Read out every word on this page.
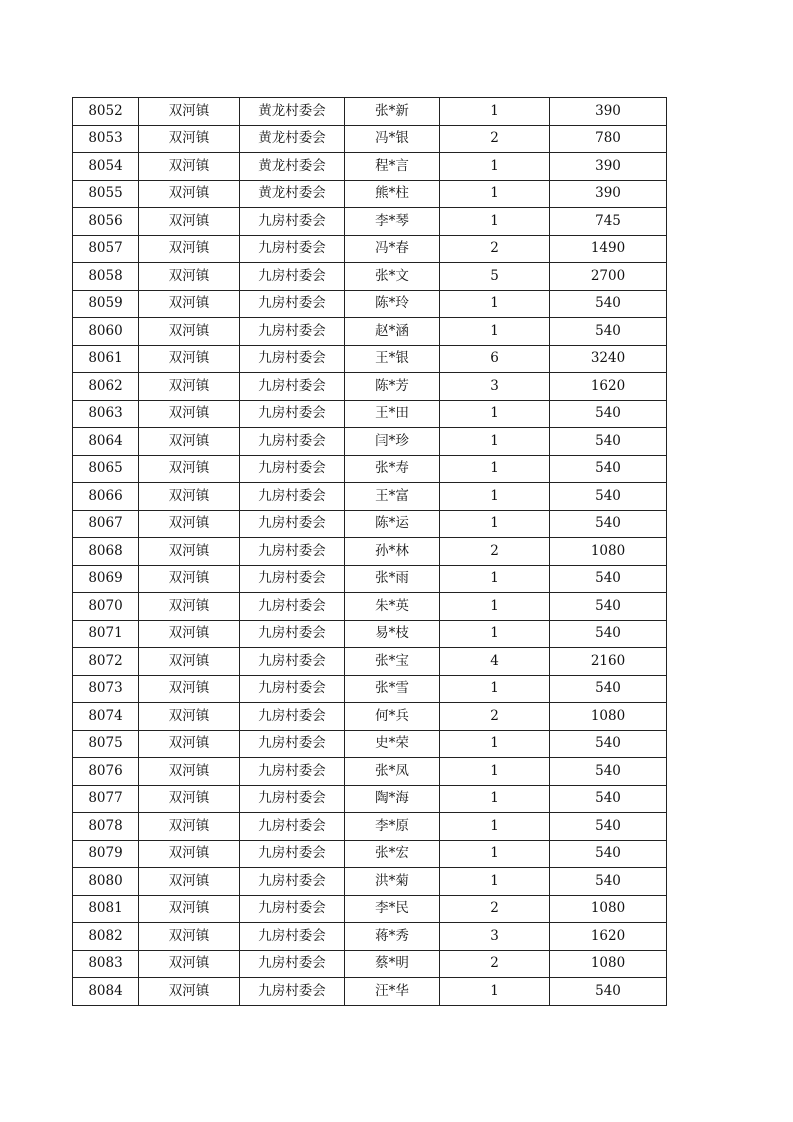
8052	双河镇	黄龙村委会	张*新	1	390
8053	双河镇	黄龙村委会	冯*银	2	780
8054	双河镇	黄龙村委会	程*言	1	390
8055	双河镇	黄龙村委会	熊*柱	1	390
8056	双河镇	九房村委会	李*琴	1	745
8057	双河镇	九房村委会	冯*春	2	1490
8058	双河镇	九房村委会	张*文	5	2700
8059	双河镇	九房村委会	陈*玲	1	540
8060	双河镇	九房村委会	赵*涵	1	540
8061	双河镇	九房村委会	王*银	6	3240
8062	双河镇	九房村委会	陈*芳	3	1620
8063	双河镇	九房村委会	王*田	1	540
8064	双河镇	九房村委会	闫*珍	1	540
8065	双河镇	九房村委会	张*寿	1	540
8066	双河镇	九房村委会	王*富	1	540
8067	双河镇	九房村委会	陈*运	1	540
8068	双河镇	九房村委会	孙*林	2	1080
8069	双河镇	九房村委会	张*雨	1	540
8070	双河镇	九房村委会	朱*英	1	540
8071	双河镇	九房村委会	易*枝	1	540
8072	双河镇	九房村委会	张*宝	4	2160
8073	双河镇	九房村委会	张*雪	1	540
8074	双河镇	九房村委会	何*兵	2	1080
8075	双河镇	九房村委会	史*荣	1	540
8076	双河镇	九房村委会	张*凤	1	540
8077	双河镇	九房村委会	陶*海	1	540
8078	双河镇	九房村委会	李*原	1	540
8079	双河镇	九房村委会	张*宏	1	540
8080	双河镇	九房村委会	洪*菊	1	540
8081	双河镇	九房村委会	李*民	2	1080
8082	双河镇	九房村委会	蒋*秀	3	1620
8083	双河镇	九房村委会	蔡*明	2	1080
8084	双河镇	九房村委会	汪*华	1	540
